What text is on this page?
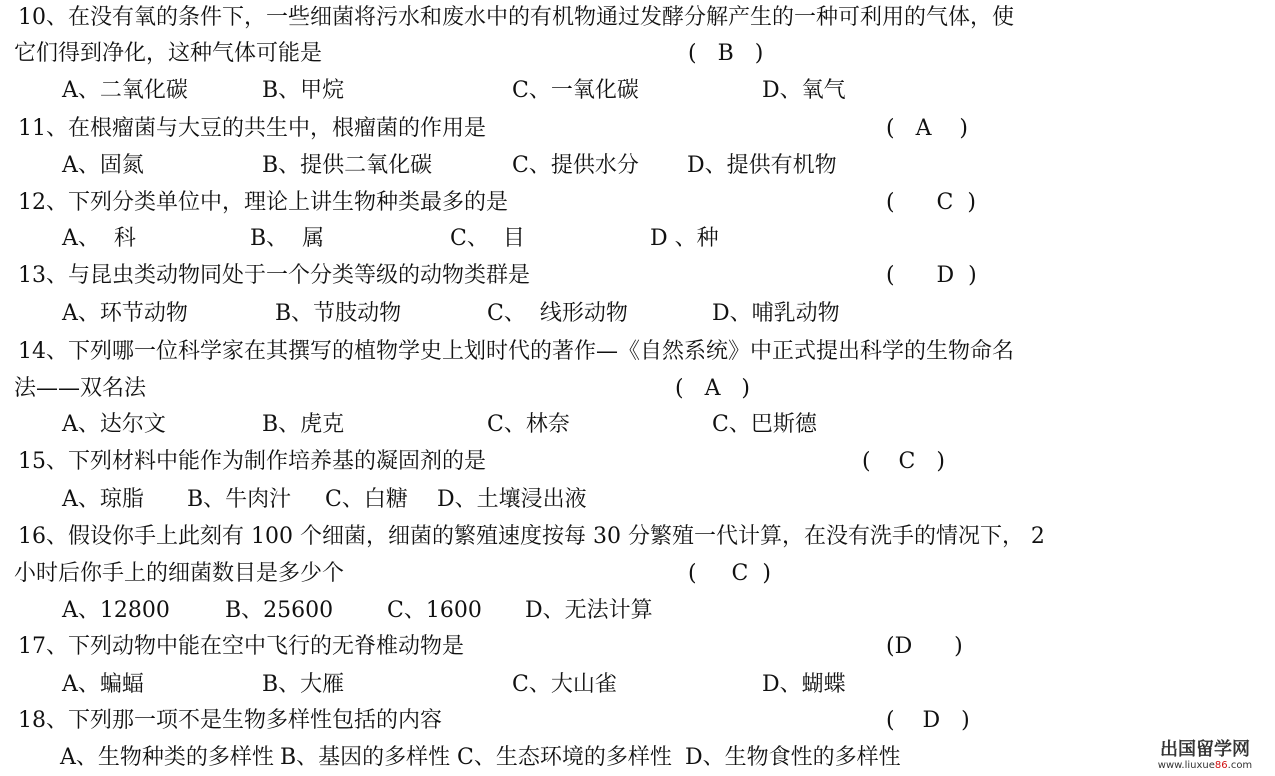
10、在没有氧的条件下，一些细菌将污水和废水中的有机物通过发酵分解产生的一种可利用的气体，使
它们得到净化，这种气体可能是	(   B   )
A、二氧化碳	B、甲烷	C、一氧化碳	D、氧气
11、在根瘤菌与大豆的共生中，根瘤菌的作用是	(   A    )
A、固氮	B、提供二氧化碳	C、提供水分 D、提供有机物
12、下列分类单位中，理论上讲生物种类最多的是	(      C  )
A、  科	B、  属	C、  目	D 、种
13、与昆虫类动物同处于一个分类等级的动物类群是	(      D  )
A、环节动物	B、节肢动物	C、  线形动物	D、哺乳动物
14、下列哪一位科学家在其撰写的植物学史上划时代的著作—《自然系统》中正式提出科学的生物命名
法——双名法	(   A   )
A、达尔文	B、虎克	C、林奈	C、巴斯德
15、下列材料中能作为制作培养基的凝固剂的是	(    C   )
A、琼脂 B、牛肉汁 C、白糖 D、土壤浸出液
16、假设你手上此刻有 100 个细菌，细菌的繁殖速度按每 30 分繁殖一代计算，在没有洗手的情况下， 2
小时后你手上的细菌数目是多少个	(     C  )
A、12800	B、25600 C、1600 D、无法计算
17、下列动物中能在空中飞行的无脊椎动物是	(D      )
A、蝙蝠	B、大雁	C、大山雀	D、蝴蝶
18、下列那一项不是生物多样性包括的内容	(    D   )
A、生物种类的多样性 B、基因的多样性 C、生态环境的多样性 D、生物食性的多样性	出国留学网
www.liuxue86.com
